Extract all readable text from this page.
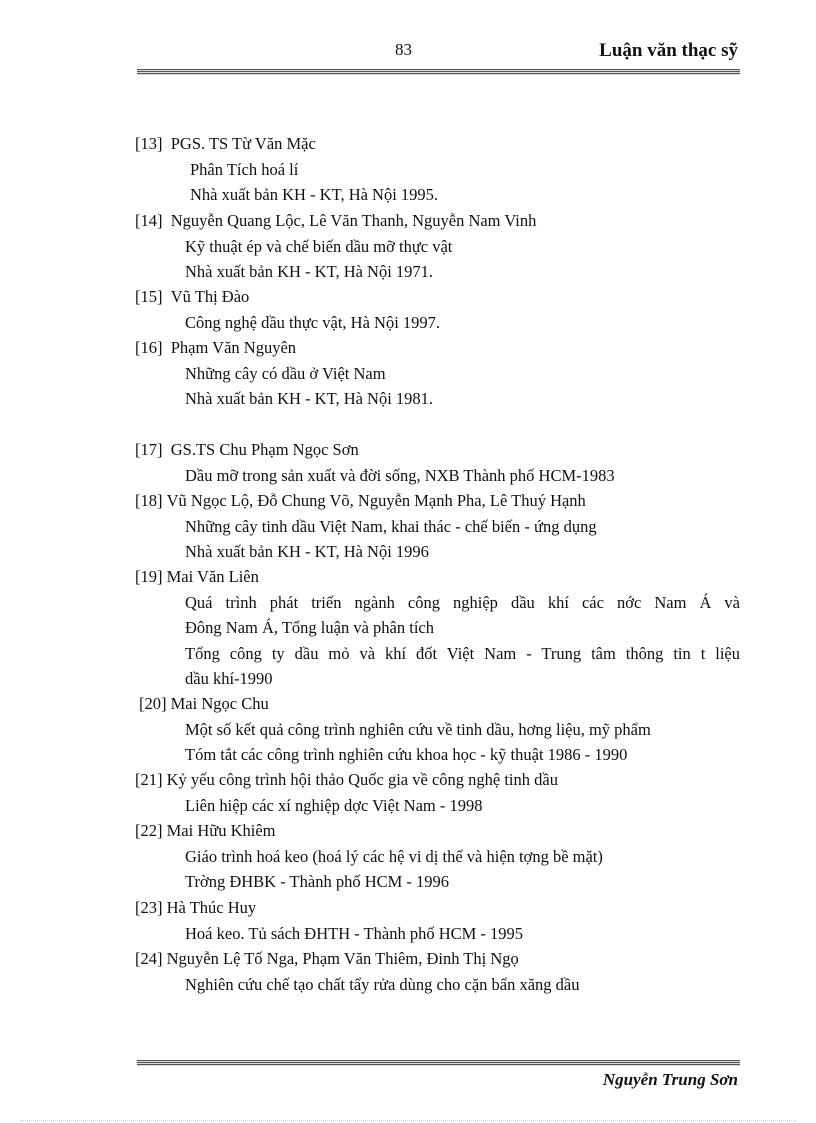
83	Luận văn thạc sỹ
[13] PGS. TS Từ Văn Mặc
Phân Tích hoá lí
Nhà xuất bản KH - KT, Hà Nội 1995.
[14] Nguyễn Quang Lộc, Lê Văn Thanh, Nguyễn Nam Vinh
Kỹ thuật ép và chế biến dầu mỡ thực vật
Nhà xuất bản KH - KT, Hà Nội 1971.
[15] Vũ Thị Đào
Công nghệ dầu thực vật, Hà Nội 1997.
[16] Phạm Văn Nguyên
Những cây có dầu ở Việt Nam
Nhà xuất bản KH - KT, Hà Nội 1981.
[17] GS.TS Chu Phạm Ngọc Sơn
Dầu mỡ trong sản xuất và đời sống, NXB Thành phố HCM-1983
[18] Vũ Ngọc Lộ, Đỗ Chung Võ, Nguyễn Mạnh Pha, Lê Thuý Hạnh
Những cây tinh dầu Việt Nam, khai thác - chế biến - ứng dụng
Nhà xuất bản KH - KT, Hà Nội 1996
[19] Mai Văn Liên
Quá trình phát triển ngành công nghiệp dầu khí các nớc Nam Á và
Đông Nam Á, Tổng luận và phân tích
Tổng công ty dầu mỏ và khí đốt Việt Nam - Trung tâm thông tin t liệu
dầu khí-1990
[20] Mai Ngọc Chu
Một số kết quả công trình nghiên cứu về tinh dầu, hơng liệu, mỹ phẩm
Tóm tắt các công trình nghiên cứu khoa học - kỹ thuật 1986 - 1990
[21] Kỷ yếu công trình hội thảo Quốc gia về công nghệ tinh dầu
Liên hiệp các xí nghiệp dợc Việt Nam - 1998
[22] Mai Hữu Khiêm
Giáo trình hoá keo (hoá lý các hệ vi dị thể và hiện tợng bề mặt)
Trờng ĐHBK - Thành phố HCM - 1996
[23] Hà Thúc Huy
Hoá keo. Tủ sách ĐHTH - Thành phố HCM - 1995
[24] Nguyễn Lệ Tố Nga, Phạm Văn Thiêm, Đinh Thị Ngọ
Nghiên cứu chế tạo chất tẩy rửa dùng cho cặn bẩn xăng dầu
Nguyễn Trung Sơn
